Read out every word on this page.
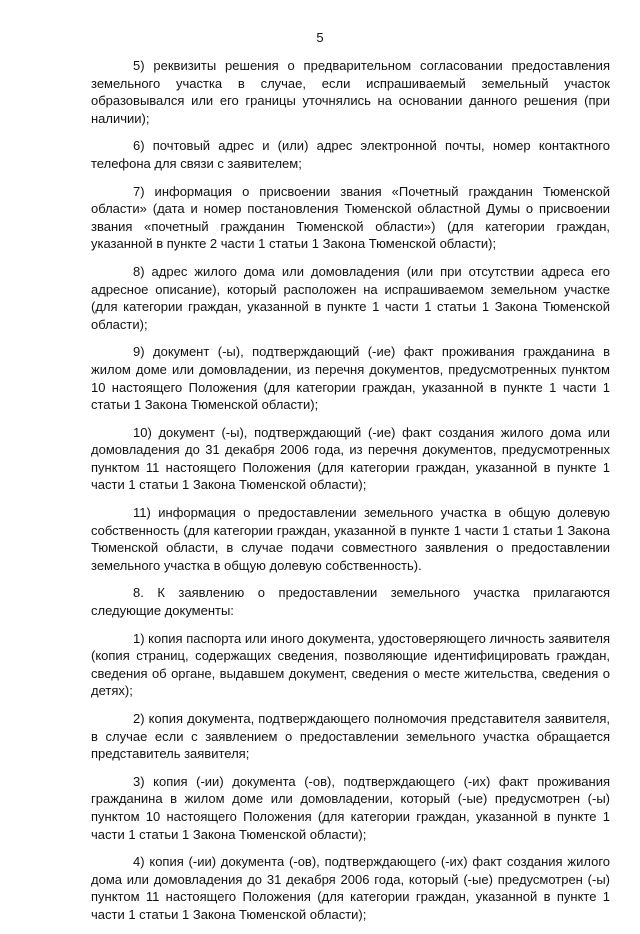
5

5) реквизиты решения о предварительном согласовании предоставления земельного участка в случае, если испрашиваемый земельный участок образовывался или его границы уточнялись на основании данного решения (при наличии);

6) почтовый адрес и (или) адрес электронной почты, номер контактного телефона для связи с заявителем;

7) информация о присвоении звания «Почетный гражданин Тюменской области» (дата и номер постановления Тюменской областной Думы о присвоении звания «почетный гражданин Тюменской области») (для категории граждан, указанной в пункте 2 части 1 статьи 1 Закона Тюменской области);

8) адрес жилого дома или домовладения (или при отсутствии адреса его адресное описание), который расположен на испрашиваемом земельном участке (для категории граждан, указанной в пункте 1 части 1 статьи 1 Закона Тюменской области);

9) документ (-ы), подтверждающий (-ие) факт проживания гражданина в жилом доме или домовладении, из перечня документов, предусмотренных пунктом 10 настоящего Положения (для категории граждан, указанной в пункте 1 части 1 статьи 1 Закона Тюменской области);

10) документ (-ы), подтверждающий (-ие) факт создания жилого дома или домовладения до 31 декабря 2006 года, из перечня документов, предусмотренных пунктом 11 настоящего Положения (для категории граждан, указанной в пункте 1 части 1 статьи 1 Закона Тюменской области);

11) информация о предоставлении земельного участка в общую долевую собственность (для категории граждан, указанной в пункте 1 части 1 статьи 1 Закона Тюменской области, в случае подачи совместного заявления о предоставлении земельного участка в общую долевую собственность).

8. К заявлению о предоставлении земельного участка прилагаются следующие документы:

1) копия паспорта или иного документа, удостоверяющего личность заявителя (копия страниц, содержащих сведения, позволяющие идентифицировать граждан, сведения об органе, выдавшем документ, сведения о месте жительства, сведения о детях);

2) копия документа, подтверждающего полномочия представителя заявителя, в случае если с заявлением о предоставлении земельного участка обращается представитель заявителя;

3) копия (-ии) документа (-ов), подтверждающего (-их) факт проживания гражданина в жилом доме или домовладении, который (-ые) предусмотрен (-ы) пунктом 10 настоящего Положения (для категории граждан, указанной в пункте 1 части 1 статьи 1 Закона Тюменской области);

4) копия (-ии) документа (-ов), подтверждающего (-их) факт создания жилого дома или домовладения до 31 декабря 2006 года, который (-ые) предусмотрен (-ы) пунктом 11 настоящего Положения (для категории граждан, указанной в пункте 1 части 1 статьи 1 Закона Тюменской области);
